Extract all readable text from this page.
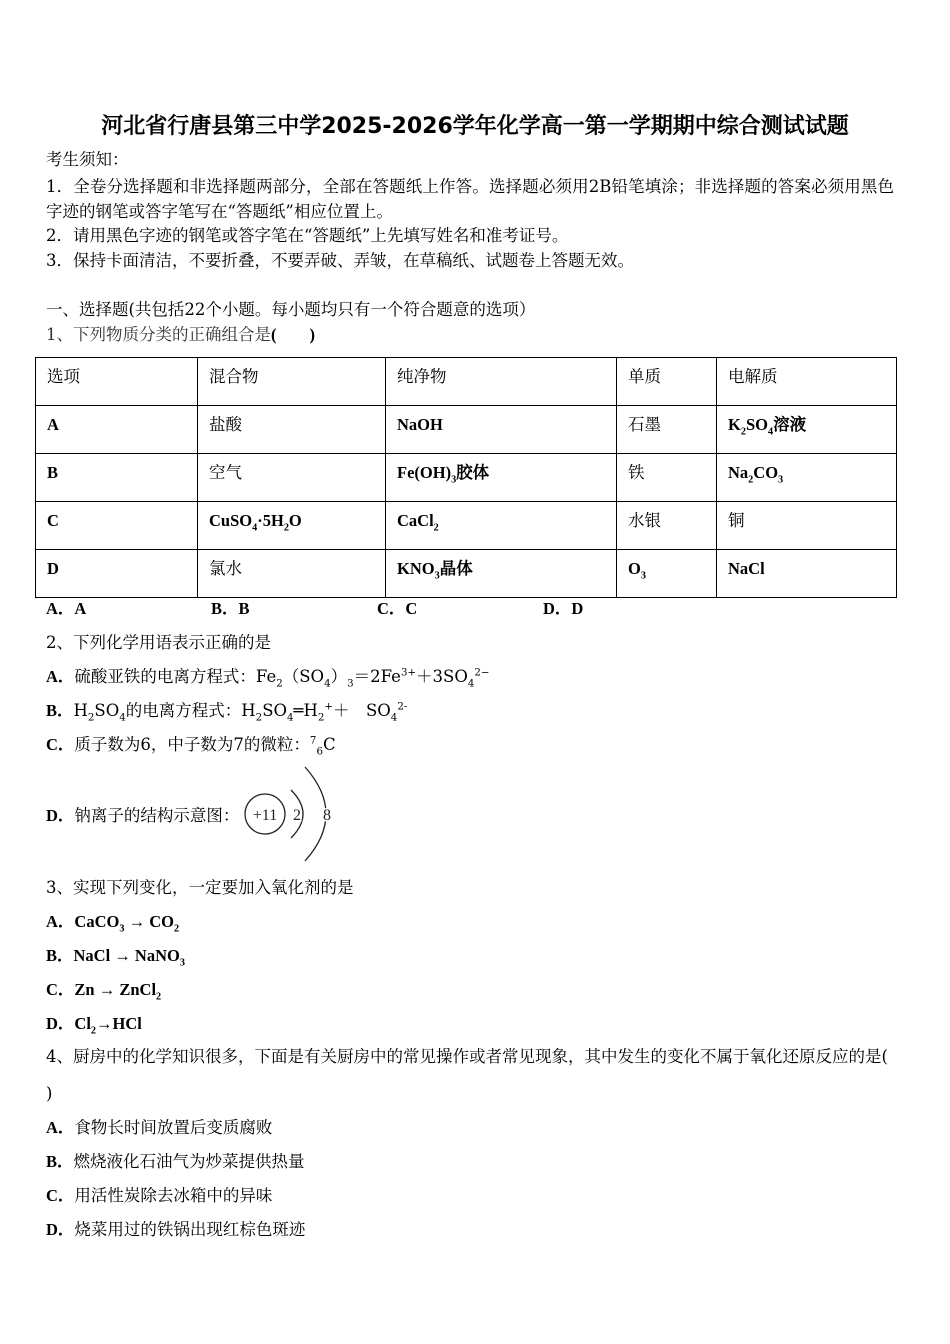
河北省行唐县第三中学2025-2026学年化学高一第一学期期中综合测试试题
考生须知：
1．全卷分选择题和非选择题两部分，全部在答题纸上作答。选择题必须用2B铅笔填涂；非选择题的答案必须用黑色字迹的钢笔或答字笔写在“答题纸”相应位置上。
2．请用黑色字迹的钢笔或答字笔在“答题纸”上先填写姓名和准考证号。
3．保持卡面清洁，不要折叠，不要弄破、弄皱，在草稿纸、试题卷上答题无效。
一、选择题(共包括22个小题。每小题均只有一个符合题意的选项）
1、下列物质分类的正确组合是(　　)
选项	混合物	纯净物	单质	电解质
A	盐酸	NaOH	石墨	$K_2SO_4$溶液
B	空气	$Fe(OH)_3$胶体	铁	$Na_2CO_3$
C	$CuSO_4\cdot 5H_2O$	CaCl$_2$	水银	铜
D	氯水	$KNO_3$晶体	$O_3$	NaCl
A．A	B．B	C．C	D．D
2、下列化学用语表示正确的是
A．硫酸亚铁的电离方程式：$Fe_2(SO_4)_3=2Fe^{3+}+3SO_4^{2-}$
B．$H_2SO_4$的电离方程式：$H_2SO_4═H_2^++$　$SO_4^{2-}$
C．质子数为6，中子数为7的微粒：$^7_6$C
D． 钠离子的结构示意图： +11 2 8
3、实现下列变化，一定要加入氧化剂的是
A．CaCO$_3$ → $CO_2$
B．NaCl → NaNO$_3$
C．Zn → ZnCl$_2$
D．$Cl_2\to HCl$
4、厨房中的化学知识很多，下面是有关厨房中的常见操作或者常见现象，其中发生的变化不属于氧化还原反应的是(
)
A．食物长时间放置后变质腐败
B．燃烧液化石油气为炒菜提供热量
C．用活性炭除去冰箱中的异味
D．烧菜用过的铁锅出现红棕色斑迹
